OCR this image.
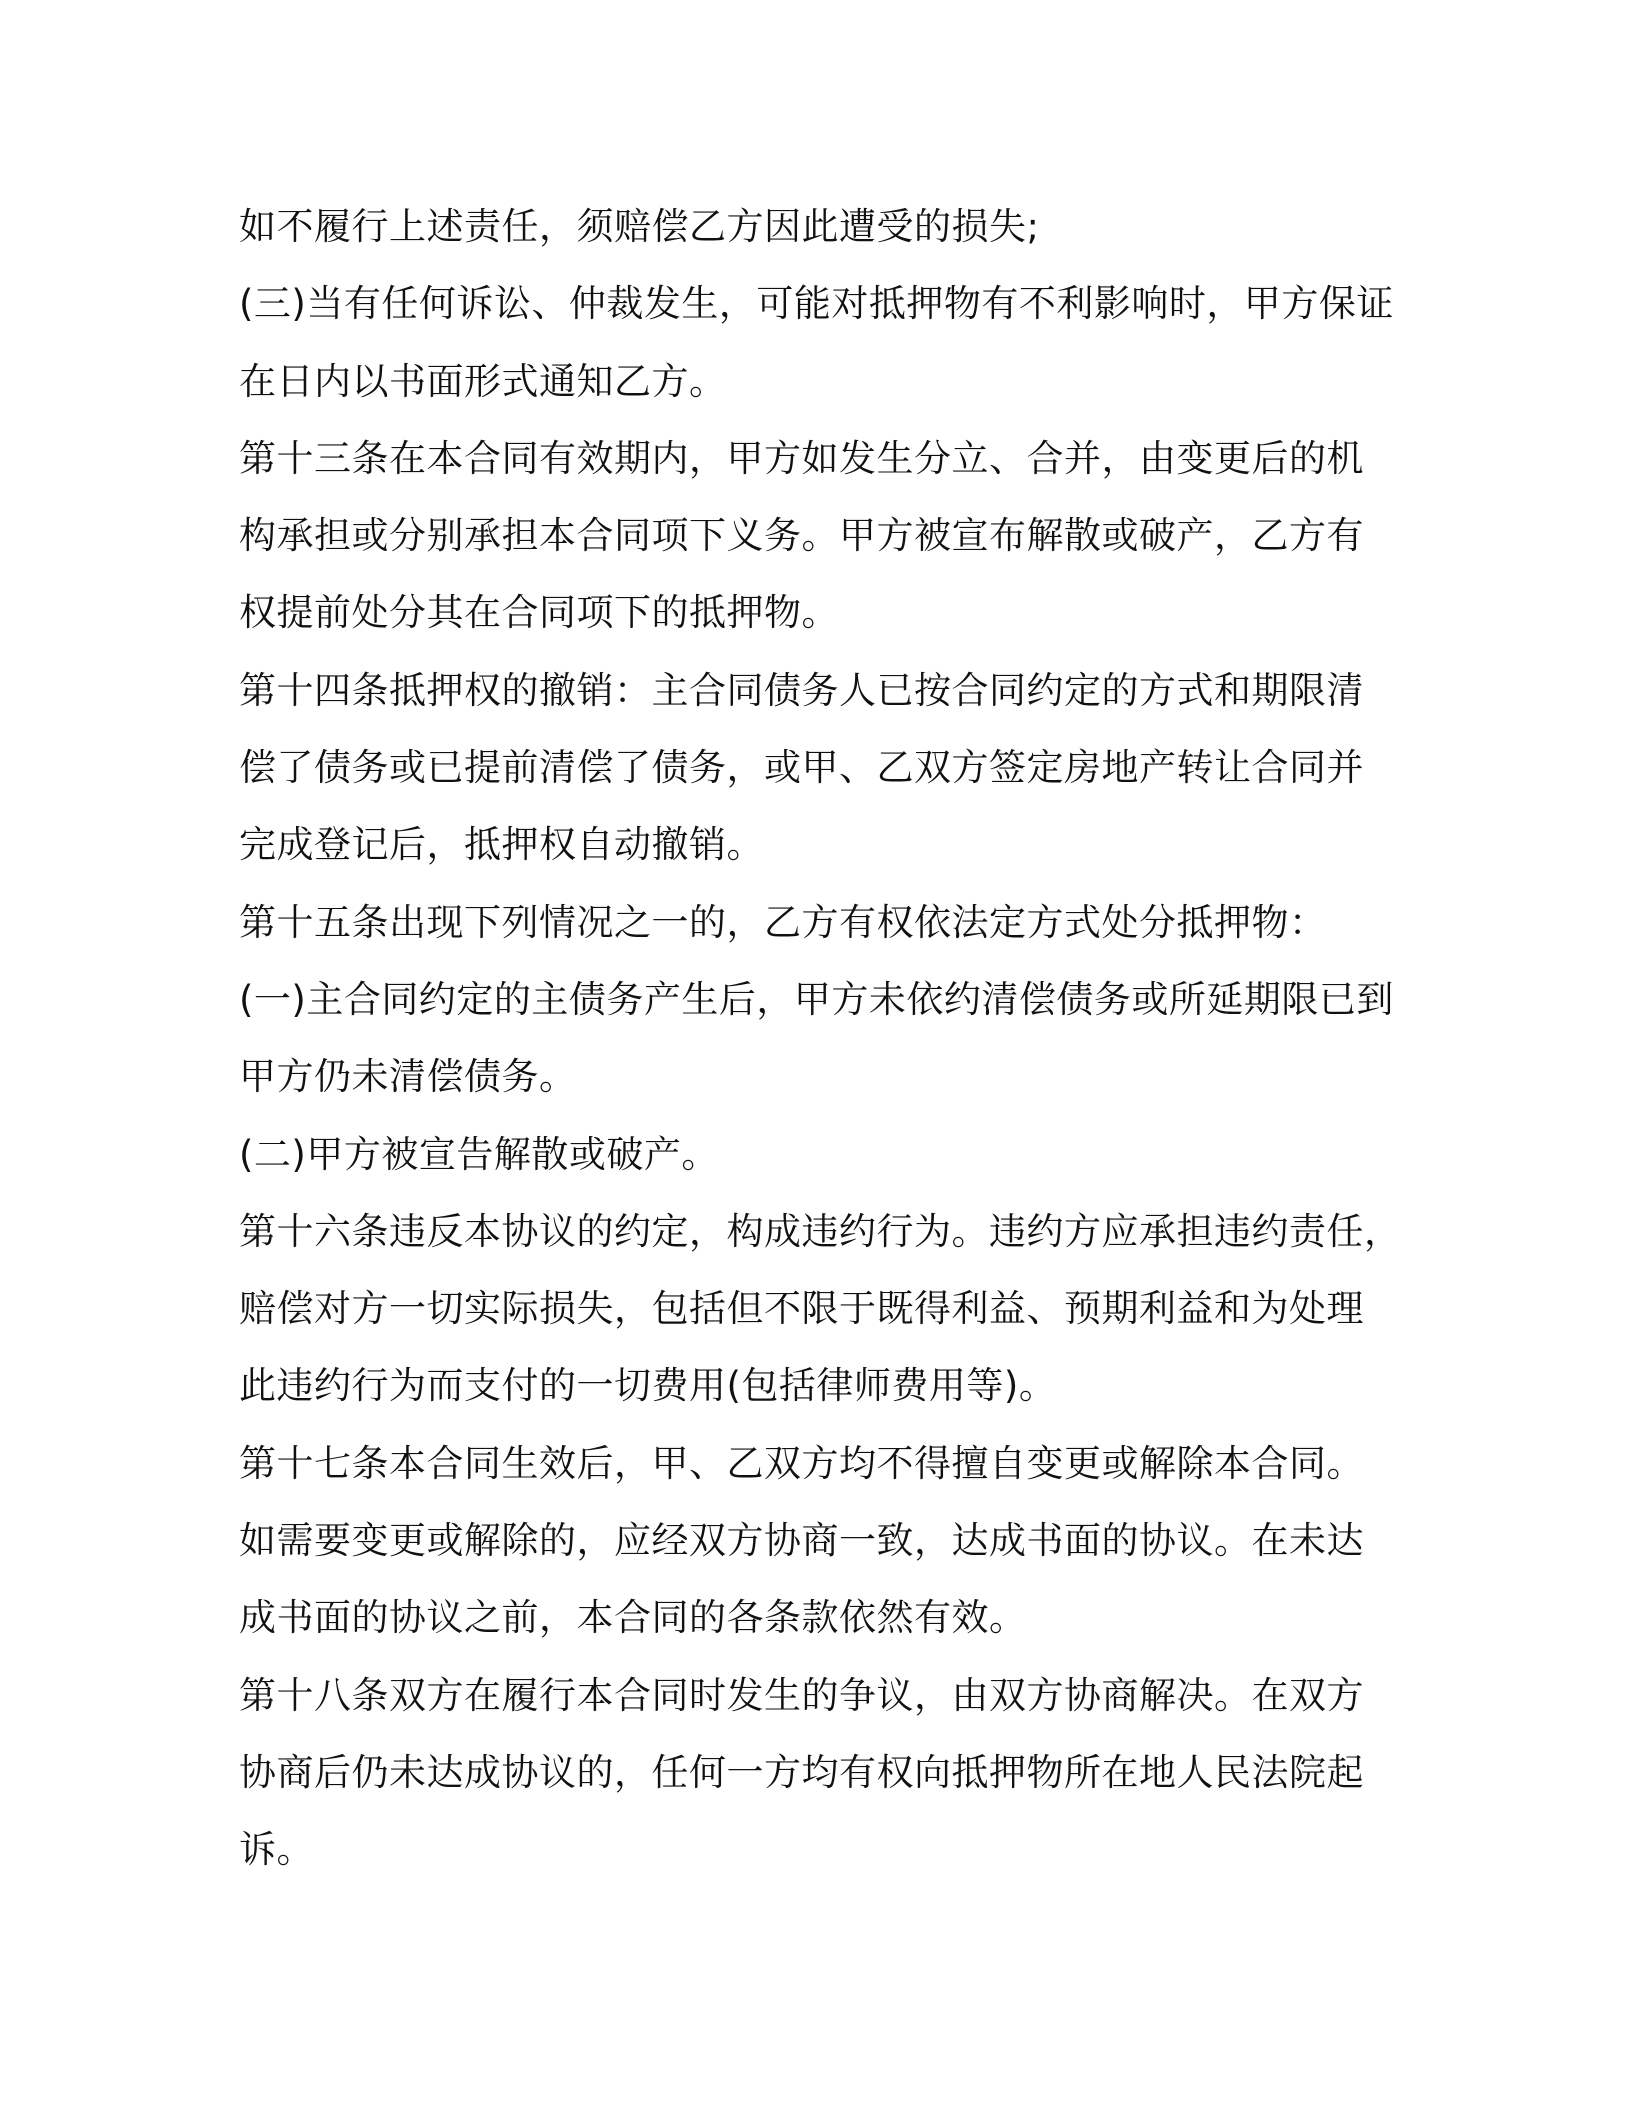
如不履行上述责任，须赔偿乙方因此遭受的损失;
(三)当有任何诉讼、仲裁发生，可能对抵押物有不利影响时，甲方保证
在日内以书面形式通知乙方。
第十三条在本合同有效期内，甲方如发生分立、合并，由变更后的机
构承担或分别承担本合同项下义务。甲方被宣布解散或破产，乙方有
权提前处分其在合同项下的抵押物。
第十四条抵押权的撤销：主合同债务人已按合同约定的方式和期限清
偿了债务或已提前清偿了债务，或甲、乙双方签定房地产转让合同并
完成登记后，抵押权自动撤销。
第十五条出现下列情况之一的，乙方有权依法定方式处分抵押物：
(一)主合同约定的主债务产生后，甲方未依约清偿债务或所延期限已到
甲方仍未清偿债务。
(二)甲方被宣告解散或破产。
第十六条违反本协议的约定，构成违约行为。违约方应承担违约责任，
赔偿对方一切实际损失，包括但不限于既得利益、预期利益和为处理
此违约行为而支付的一切费用(包括律师费用等)。
第十七条本合同生效后，甲、乙双方均不得擅自变更或解除本合同。
如需要变更或解除的，应经双方协商一致，达成书面的协议。在未达
成书面的协议之前，本合同的各条款依然有效。
第十八条双方在履行本合同时发生的争议，由双方协商解决。在双方
协商后仍未达成协议的，任何一方均有权向抵押物所在地人民法院起
诉。
